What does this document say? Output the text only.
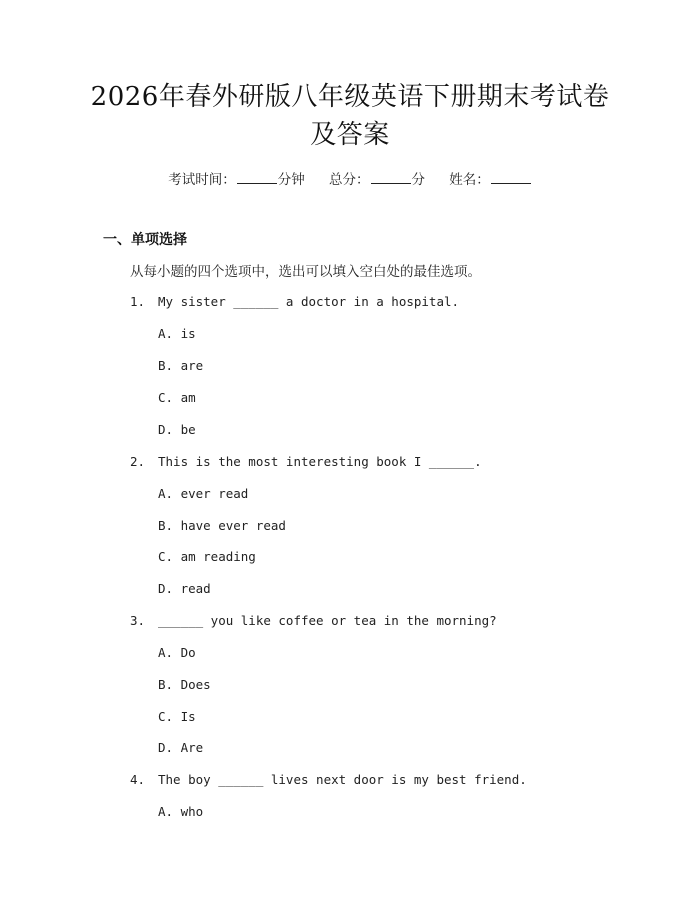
2026年春外研版八年级英语下册期末考试卷
及答案
考试时间：	分钟 总分：	分 姓名：
一、单项选择
从每小题的四个选项中，选出可以填入空白处的最佳选项。
1. My sister ______ a doctor in a hospital.
A. is
B. are
C. am
D. be
2. This is the most interesting book I ______.
A. ever read
B. have ever read
C. am reading
D. read
3. ______ you like coffee or tea in the morning?
A. Do
B. Does
C. Is
D. Are
4. The boy ______ lives next door is my best friend.
A. who
